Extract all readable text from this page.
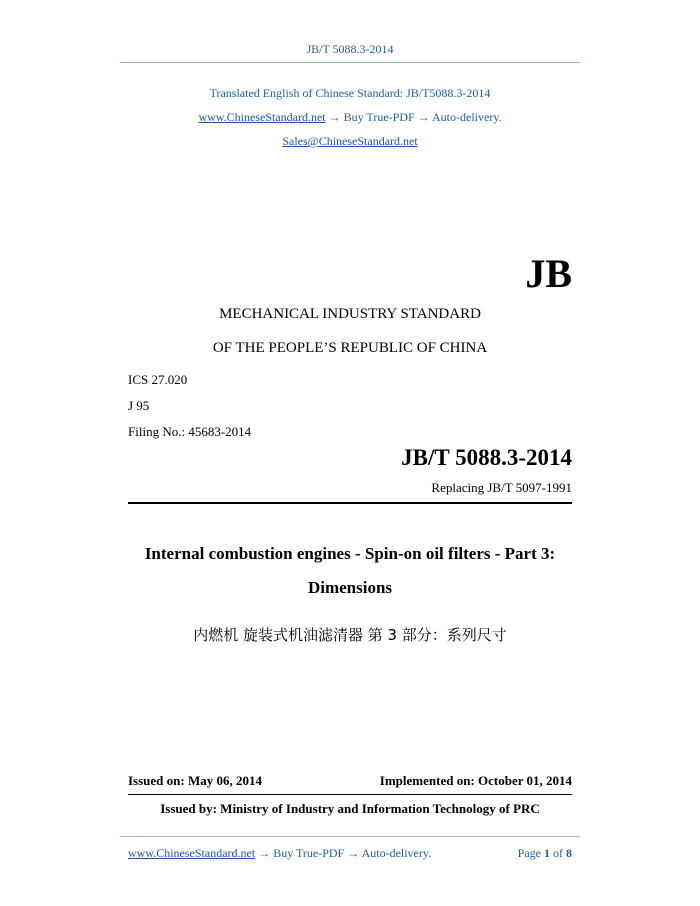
JB/T 5088.3-2014
Translated English of Chinese Standard: JB/T5088.3-2014
www.ChineseStandard.net → Buy True-PDF → Auto-delivery.
Sales@ChineseStandard.net
JB
MECHANICAL INDUSTRY STANDARD
OF THE PEOPLE’S REPUBLIC OF CHINA
ICS 27.020
J 95
Filing No.: 45683-2014
JB/T 5088.3-2014
Replacing JB/T 5097-1991
Internal combustion engines - Spin-on oil filters - Part 3:
Dimensions
内燃机 旋装式机油滤清器 第 3 部分：系列尺寸
Issued on: May 06, 2014	Implemented on: October 01, 2014
Issued by: Ministry of Industry and Information Technology of PRC
www.ChineseStandard.net → Buy True-PDF → Auto-delivery.	Page 1 of 8
